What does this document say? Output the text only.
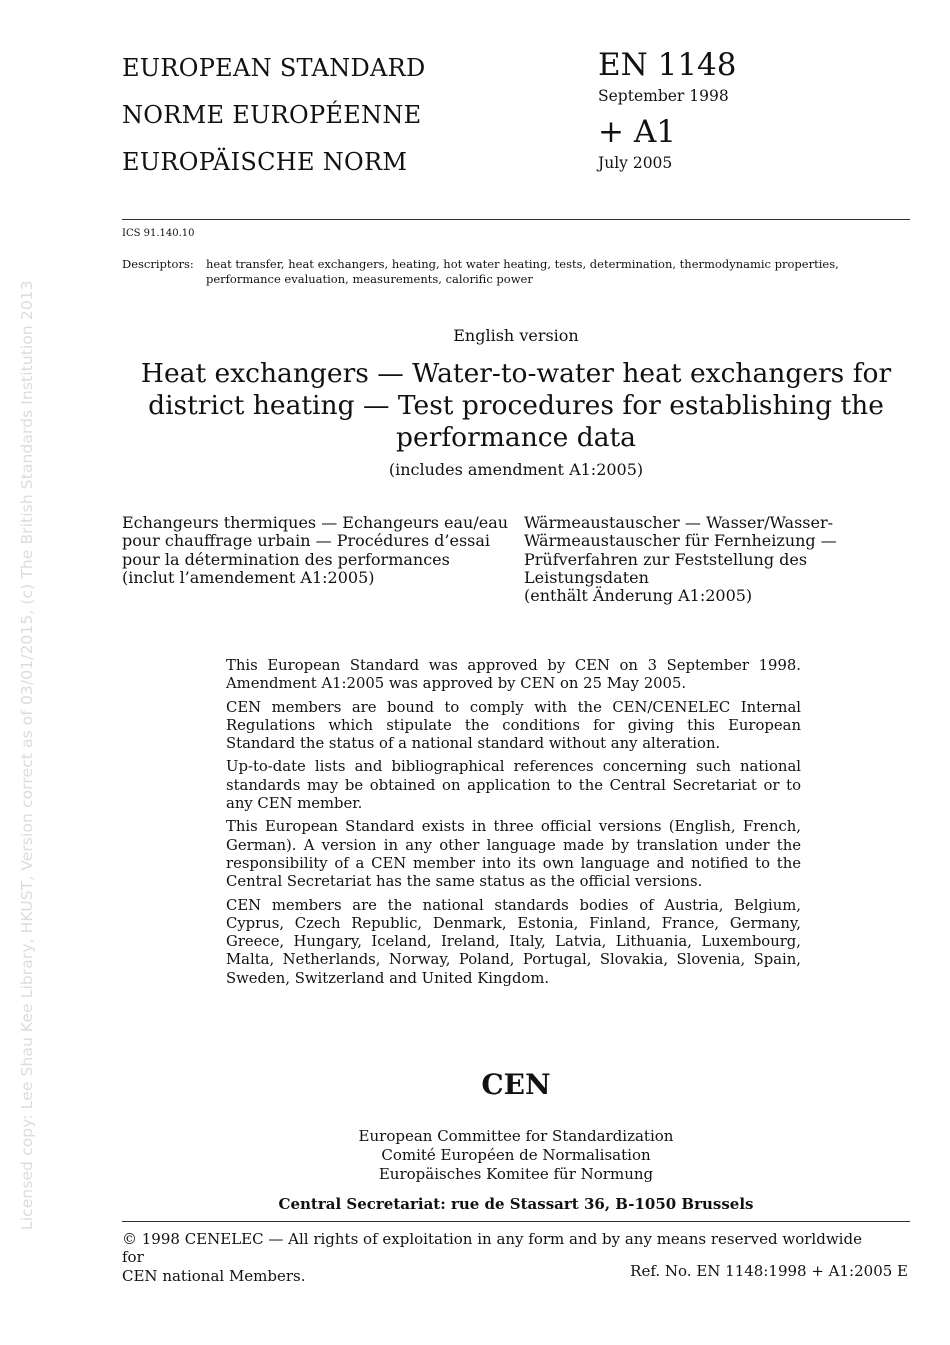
Licensed copy: Lee Shau Kee Library, HKUST, Version correct as of 03/01/2015, (c) The British Standards Institution 2013
EUROPEAN STANDARD
NORME EUROPÉENNE
EUROPÄISCHE NORM
EN 1148
September 1998
+ A1
July 2005
ICS 91.140.10
Descriptors: heat transfer, heat exchangers, heating, hot water heating, tests, determination, thermodynamic properties,
performance evaluation, measurements, calorific power
English version
Heat exchangers — Water-to-water heat exchangers for
district heating — Test procedures for establishing the
performance data
(includes amendment A1:2005)
Echangeurs thermiques — Echangeurs eau/eau
pour chauffrage urbain — Procédures d’essai
pour la détermination des performances
(inclut l’amendement A1:2005)
Wärmeaustauscher — Wasser/Wasser-
Wärmeaustauscher für Fernheizung —
Prüfverfahren zur Feststellung des
Leistungsdaten
(enthält Änderung A1:2005)

This European Standard was approved by CEN on 3 September 1998. Amendment A1:2005 was approved by CEN on 25 May 2005.

CEN members are bound to comply with the CEN/CENELEC Internal Regulations which stipulate the conditions for giving this European Standard the status of a national standard without any alteration.

Up-to-date lists and bibliographical references concerning such national standards may be obtained on application to the Central Secretariat or to any CEN member.

This European Standard exists in three official versions (English, French, German). A version in any other language made by translation under the responsibility of a CEN member into its own language and notified to the Central Secretariat has the same status as the official versions.

CEN members are the national standards bodies of Austria, Belgium, Cyprus, Czech Republic, Denmark, Estonia, Finland, France, Germany, Greece, Hungary, Iceland, Ireland, Italy, Latvia, Lithuania, Luxembourg, Malta, Netherlands, Norway, Poland, Portugal, Slovakia, Slovenia, Spain, Sweden, Switzerland and United Kingdom.

CEN
European Committee for Standardization
Comité Européen de Normalisation
Europäisches Komitee für Normung
Central Secretariat: rue de Stassart 36, B-1050 Brussels
© 1998 CENELEC — All rights of exploitation in any form and by any means reserved worldwide for
CEN national Members.	Ref. No. EN 1148:1998 + A1:2005 E
